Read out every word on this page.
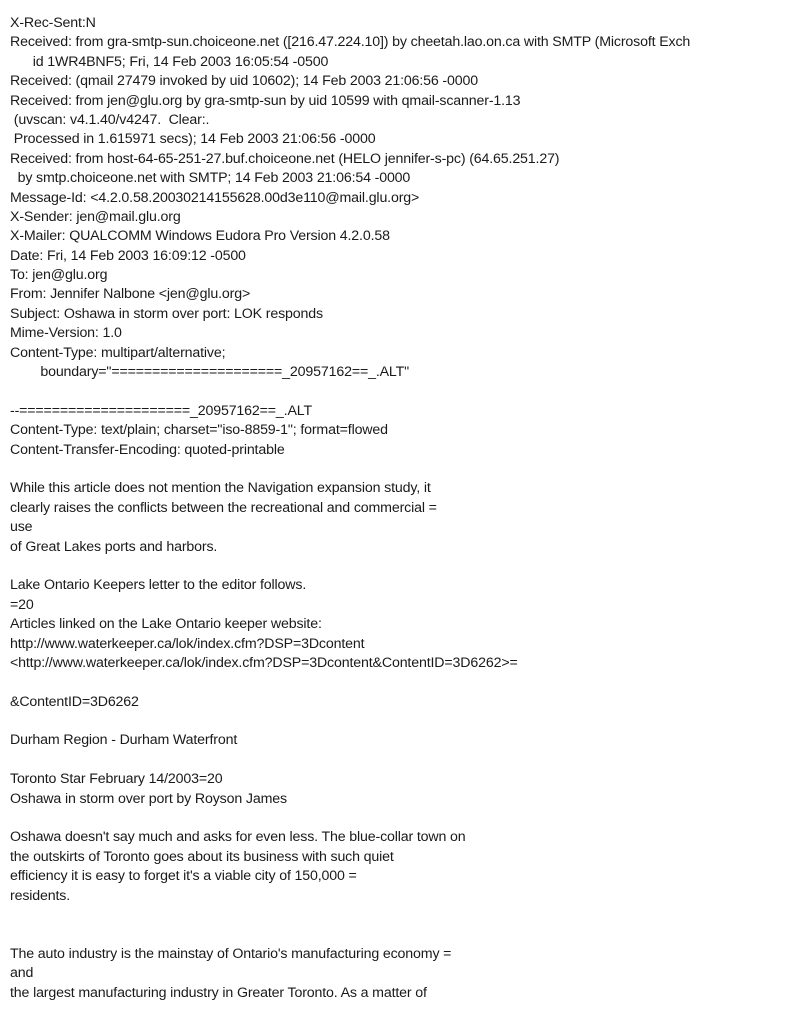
X-Rec-Sent:N
Received: from gra-smtp-sun.choiceone.net ([216.47.224.10]) by cheetah.lao.on.ca with SMTP (Microsoft Exch
id 1WR4BNF5; Fri, 14 Feb 2003 16:05:54 -0500
Received: (qmail 27479 invoked by uid 10602); 14 Feb 2003 21:06:56 -0000
Received: from jen@glu.org by gra-smtp-sun by uid 10599 with qmail-scanner-1.13
(uvscan: v4.1.40/v4247.  Clear:.
Processed in 1.615971 secs); 14 Feb 2003 21:06:56 -0000
Received: from host-64-65-251-27.buf.choiceone.net (HELO jennifer-s-pc) (64.65.251.27)
by smtp.choiceone.net with SMTP; 14 Feb 2003 21:06:54 -0000
Message-Id: <4.2.0.58.20030214155628.00d3e110@mail.glu.org>
X-Sender: jen@mail.glu.org
X-Mailer: QUALCOMM Windows Eudora Pro Version 4.2.0.58
Date: Fri, 14 Feb 2003 16:09:12 -0500
To: jen@glu.org
From: Jennifer Nalbone <jen@glu.org>
Subject: Oshawa in storm over port: LOK responds
Mime-Version: 1.0
Content-Type: multipart/alternative;
boundary="=====================_20957162==_.ALT"
--=====================_20957162==_.ALT
Content-Type: text/plain; charset="iso-8859-1"; format=flowed
Content-Transfer-Encoding: quoted-printable
While this article does not mention the Navigation expansion study, it
clearly raises the conflicts between the recreational and commercial =
use
of Great Lakes ports and harbors.
Lake Ontario Keepers letter to the editor follows.
=20
Articles linked on the Lake Ontario keeper website:
http://www.waterkeeper.ca/lok/index.cfm?DSP=3Dcontent
<http://www.waterkeeper.ca/lok/index.cfm?DSP=3Dcontent&ContentID=3D6262>=
&ContentID=3D6262
Durham Region - Durham Waterfront
Toronto Star February 14/2003=20
Oshawa in storm over port by Royson James
Oshawa doesn't say much and asks for even less. The blue-collar town on
the outskirts of Toronto goes about its business with such quiet
efficiency it is easy to forget it's a viable city of 150,000 =
residents.
The auto industry is the mainstay of Ontario's manufacturing economy =
and
the largest manufacturing industry in Greater Toronto. As a matter of
